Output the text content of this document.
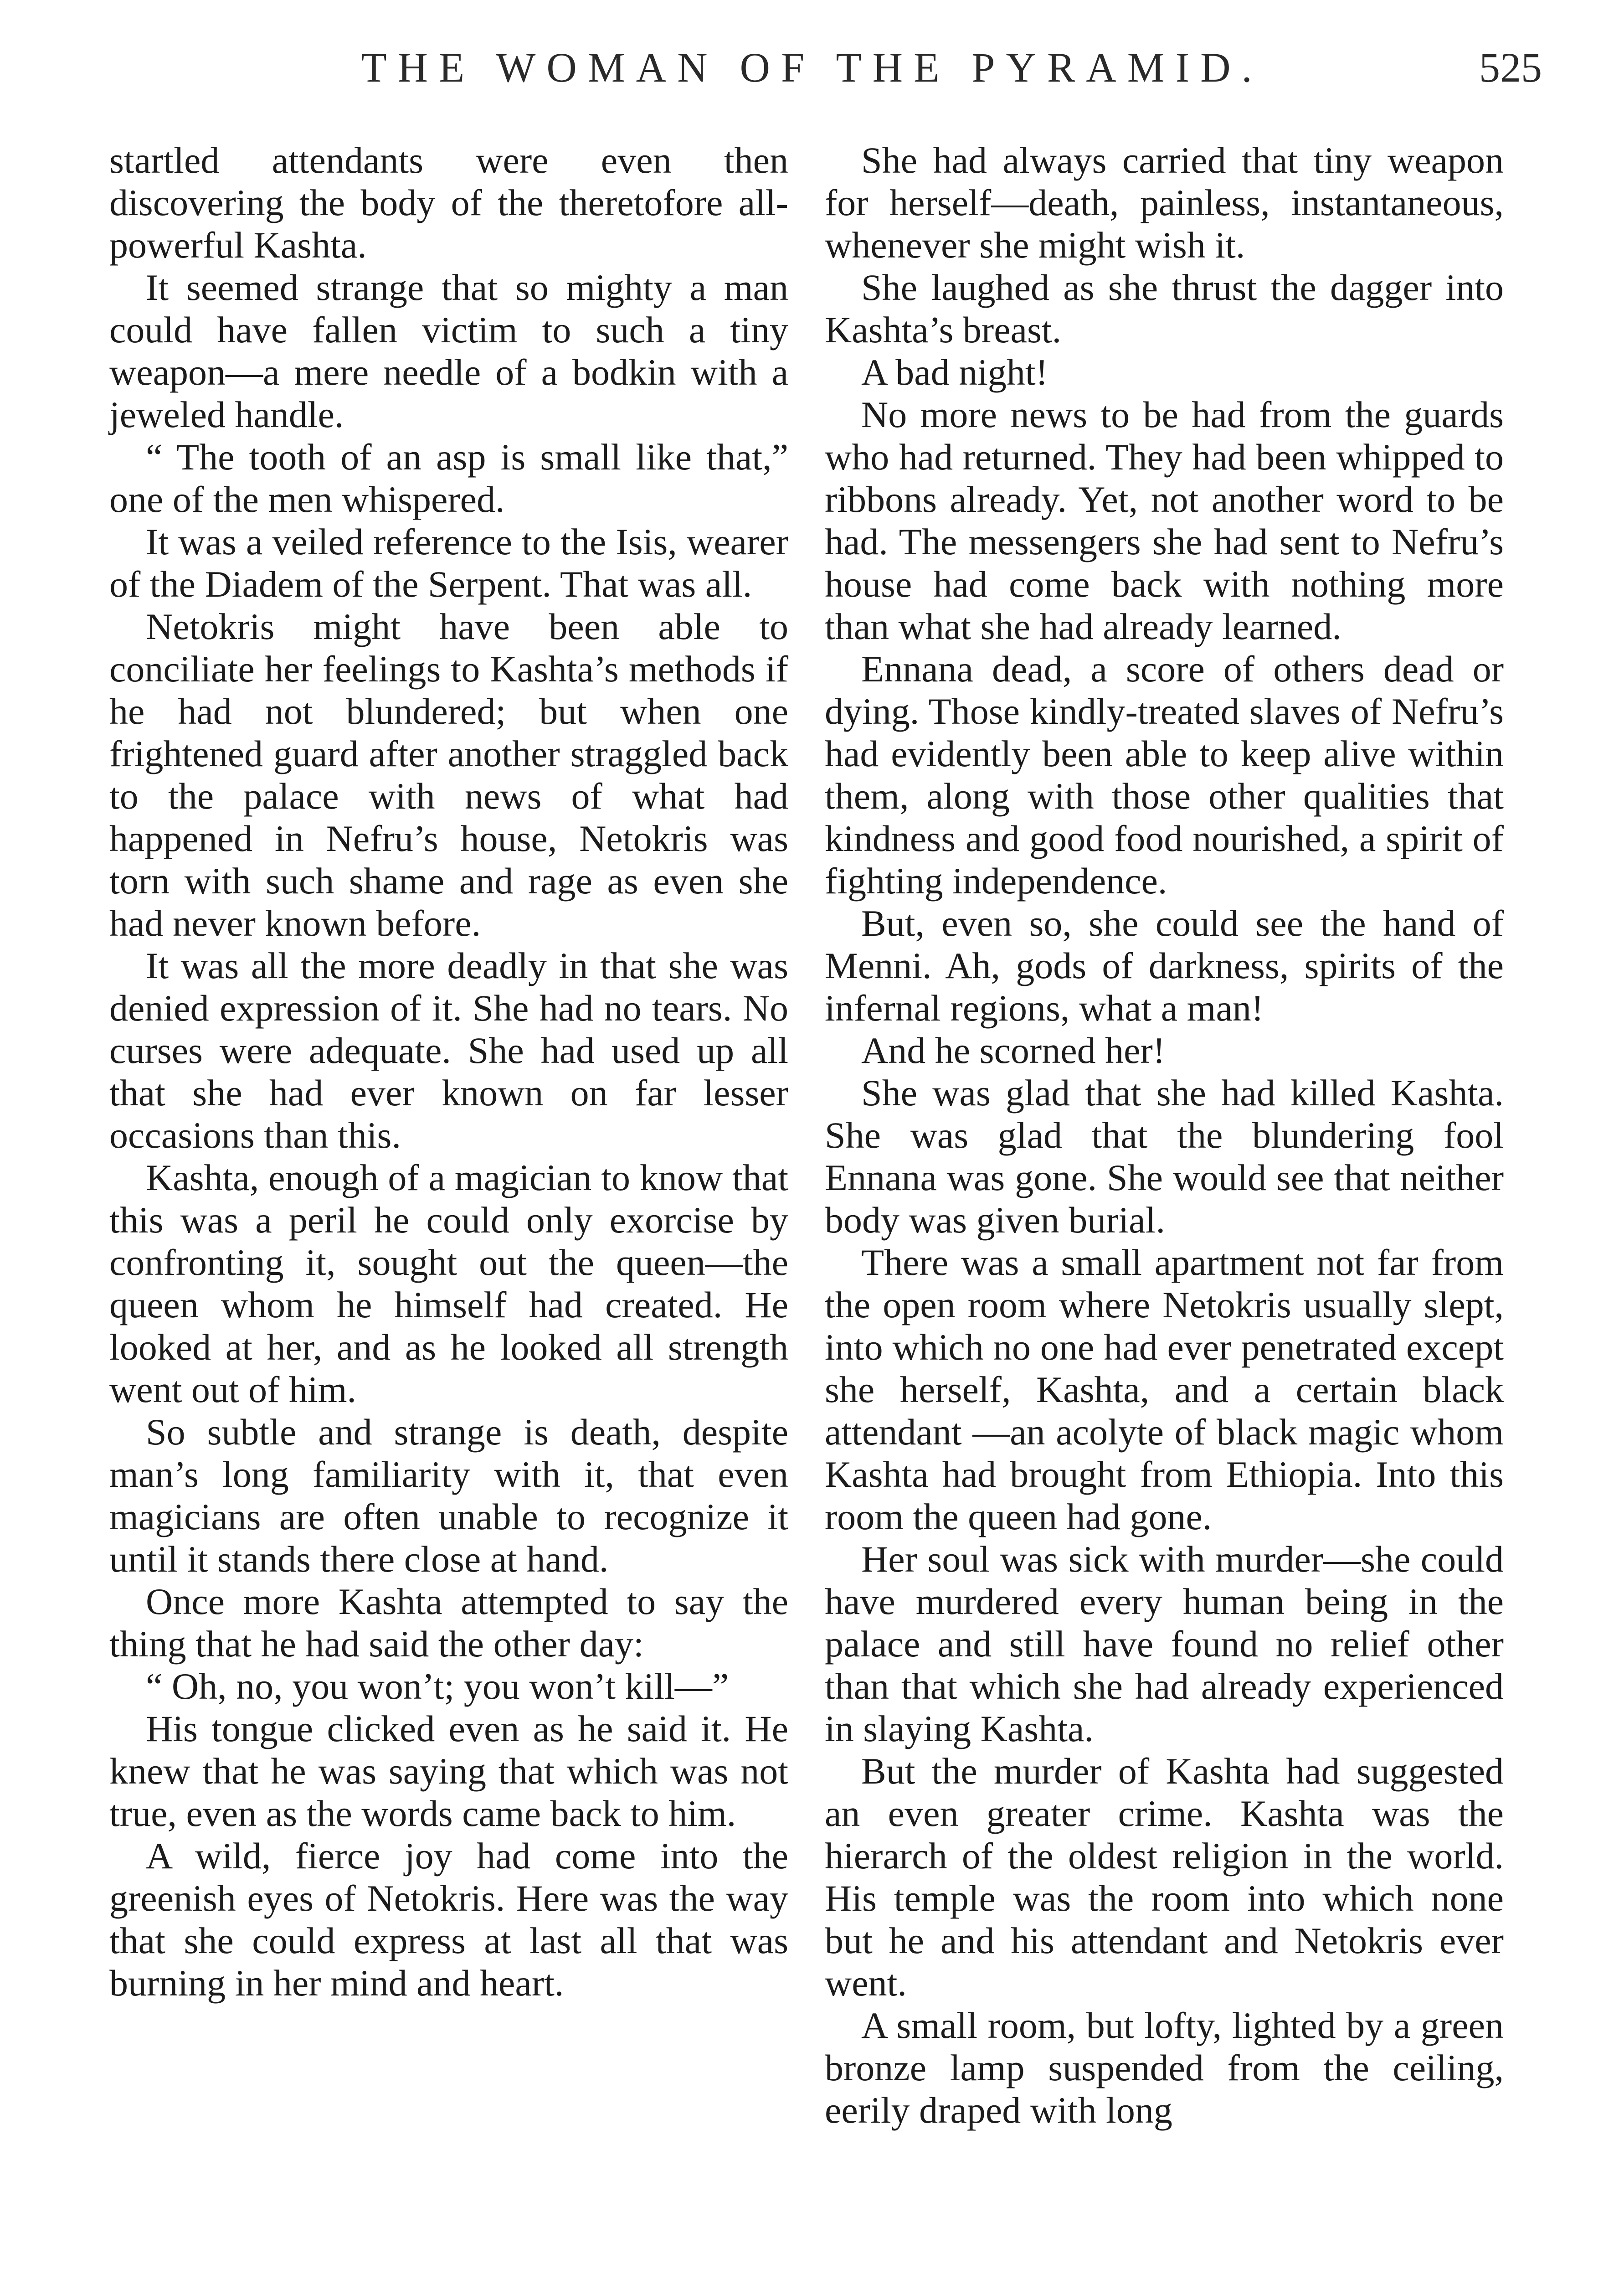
THE WOMAN OF THE PYRAMID.	525

startled attendants were even then discovering the body of the theretofore all-powerful Kashta.

It seemed strange that so mighty a man could have fallen victim to such a tiny weapon—a mere needle of a bodkin with a jeweled handle.

“ The tooth of an asp is small like that,” one of the men whispered.

It was a veiled reference to the Isis, wearer of the Diadem of the Serpent. That was all.

Netokris might have been able to conciliate her feelings to Kashta’s methods if he had not blundered; but when one frightened guard after another straggled back to the palace with news of what had happened in Nefru’s house, Netokris was torn with such shame and rage as even she had never known before.

It was all the more deadly in that she was denied expression of it. She had no tears. No curses were adequate. She had used up all that she had ever known on far lesser occasions than this.

Kashta, enough of a magician to know that this was a peril he could only exorcise by confronting it, sought out the queen—the queen whom he himself had created. He looked at her, and as he looked all strength went out of him.

So subtle and strange is death, despite man’s long familiarity with it, that even magicians are often unable to recognize it until it stands there close at hand.

Once more Kashta attempted to say the thing that he had said the other day:

“ Oh, no, you won’t; you won’t kill—”

His tongue clicked even as he said it. He knew that he was saying that which was not true, even as the words came back to him.

A wild, fierce joy had come into the greenish eyes of Netokris. Here was the way that she could express at last all that was burning in her mind and heart.

She had always carried that tiny weapon for herself—death, painless, instantaneous, whenever she might wish it.

She laughed as she thrust the dagger into Kashta’s breast.

A bad night!

No more news to be had from the guards who had returned. They had been whipped to ribbons already. Yet, not another word to be had. The messengers she had sent to Nefru’s house had come back with nothing more than what she had already learned.

Ennana dead, a score of others dead or dying. Those kindly-treated slaves of Nefru’s had evidently been able to keep alive within them, along with those other qualities that kindness and good food nourished, a spirit of fighting independence.

But, even so, she could see the hand of Menni. Ah, gods of darkness, spirits of the infernal regions, what a man!

And he scorned her!

She was glad that she had killed Kashta. She was glad that the blundering fool Ennana was gone. She would see that neither body was given burial.

There was a small apartment not far from the open room where Netokris usually slept, into which no one had ever penetrated except she herself, Kashta, and a certain black attendant —an acolyte of black magic whom Kashta had brought from Ethiopia. Into this room the queen had gone.

Her soul was sick with murder—she could have murdered every human being in the palace and still have found no relief other than that which she had already experienced in slaying Kashta.

But the murder of Kashta had suggested an even greater crime. Kashta was the hierarch of the oldest religion in the world. His temple was the room into which none but he and his attendant and Netokris ever went.

A small room, but lofty, lighted by a green bronze lamp suspended from the ceiling, eerily draped with long
